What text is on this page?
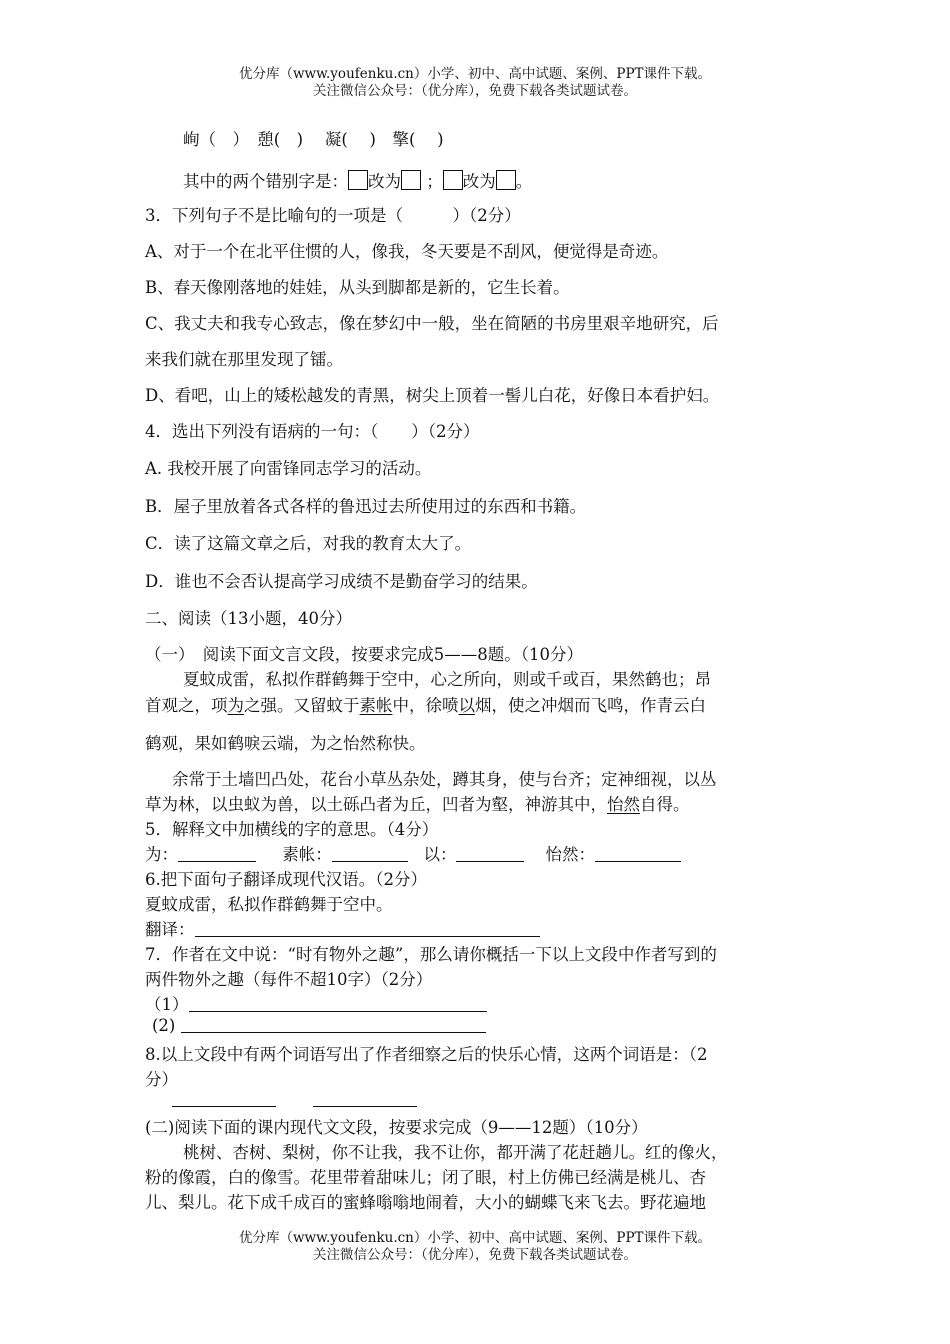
优分库（www.youfenku.cn）小学、初中、高中试题、案例、PPT课件下载。
关注微信公众号：（优分库），免费下载各类试题试卷。
峋（　）　憩(　)　 凝(　 )　擎(　 )
其中的两个错别字是： 改为 ； 改为 。
3．下列句子不是比喻句的一项是（　　　）（2分）
A、对于一个在北平住惯的人，像我，冬天要是不刮风，便觉得是奇迹。
B、春天像刚落地的娃娃，从头到脚都是新的，它生长着。
C、我丈夫和我专心致志，像在梦幻中一般，坐在简陋的书房里艰辛地研究，后
来我们就在那里发现了镭。
D、看吧，山上的矮松越发的青黑，树尖上顶着一髻儿白花，好像日本看护妇。
4．选出下列没有语病的一句：（　　）（2分）
A. 我校开展了向雷锋同志学习的活动。
B．屋子里放着各式各样的鲁迅过去所使用过的东西和书籍。
C．读了这篇文章之后，对我的教育太大了。
D．谁也不会否认提高学习成绩不是勤奋学习的结果。
二、阅读（13小题，40分）
（一）　阅读下面文言文段，按要求完成5——8题。（10分）
夏蚊成雷，私拟作群鹤舞于空中，心之所向，则或千或百，果然鹤也；昂
首观之，项为之强。又留蚊于素帐中，徐喷以烟，使之冲烟而飞鸣，作青云白
鹤观，果如鹤唳云端，为之怡然称快。
余常于土墙凹凸处，花台小草丛杂处，蹲其身，使与台齐；定神细视，以丛
草为林，以虫蚁为兽，以土砾凸者为丘，凹者为壑，神游其中，怡然自得。
5．解释文中加横线的字的意思。（4分）
为：	素帐：	以：	怡然：
6.把下面句子翻译成现代汉语。（2分）
夏蚊成雷，私拟作群鹤舞于空中。
翻译：
7．作者在文中说：“时有物外之趣”，那么请你概括一下以上文段中作者写到的
两件物外之趣（每件不超10字）（2分）
（1）
(2)
8.以上文段中有两个词语写出了作者细察之后的快乐心情，这两个词语是：（2
分）

(二)阅读下面的课内现代文文段，按要求完成（9——12题）（10分）
桃树、杏树、梨树，你不让我，我不让你，都开满了花赶趟儿。红的像火，
粉的像霞，白的像雪。花里带着甜味儿；闭了眼，村上仿佛已经满是桃儿、杏
儿、梨儿。花下成千成百的蜜蜂嗡嗡地闹着，大小的蝴蝶飞来飞去。野花遍地
优分库（www.youfenku.cn）小学、初中、高中试题、案例、PPT课件下载。
关注微信公众号：（优分库），免费下载各类试题试卷。
